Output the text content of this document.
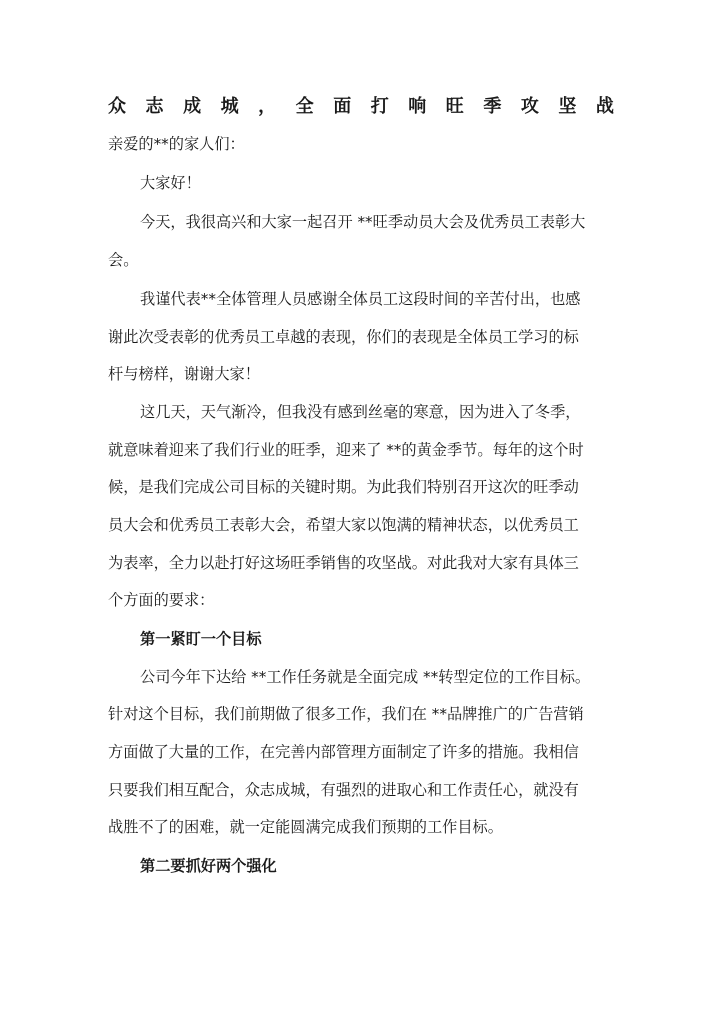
众 志 成 城 ， 全 面 打 响 旺 季 攻 坚 战

亲爱的**的家人们：

大家好！

今天，我很高兴和大家一起召开 **旺季动员大会及优秀员工表彰大

会。

我谨代表**全体管理人员感谢全体员工这段时间的辛苦付出，也感

谢此次受表彰的优秀员工卓越的表现，你们的表现是全体员工学习的标

杆与榜样，谢谢大家！

这几天，天气渐冷，但我没有感到丝毫的寒意，因为进入了冬季，

就意味着迎来了我们行业的旺季，迎来了 **的黄金季节。每年的这个时

候，是我们完成公司目标的关键时期。为此我们特别召开这次的旺季动

员大会和优秀员工表彰大会，希望大家以饱满的精神状态，以优秀员工

为表率，全力以赴打好这场旺季销售的攻坚战。对此我对大家有具体三

个方面的要求：

第一紧盯一个目标

公司今年下达给 **工作任务就是全面完成 **转型定位的工作目标。

针对这个目标，我们前期做了很多工作，我们在 **品牌推广的广告营销

方面做了大量的工作，在完善内部管理方面制定了许多的措施。我相信

只要我们相互配合，众志成城，有强烈的进取心和工作责任心，就没有

战胜不了的困难，就一定能圆满完成我们预期的工作目标。

第二要抓好两个强化
